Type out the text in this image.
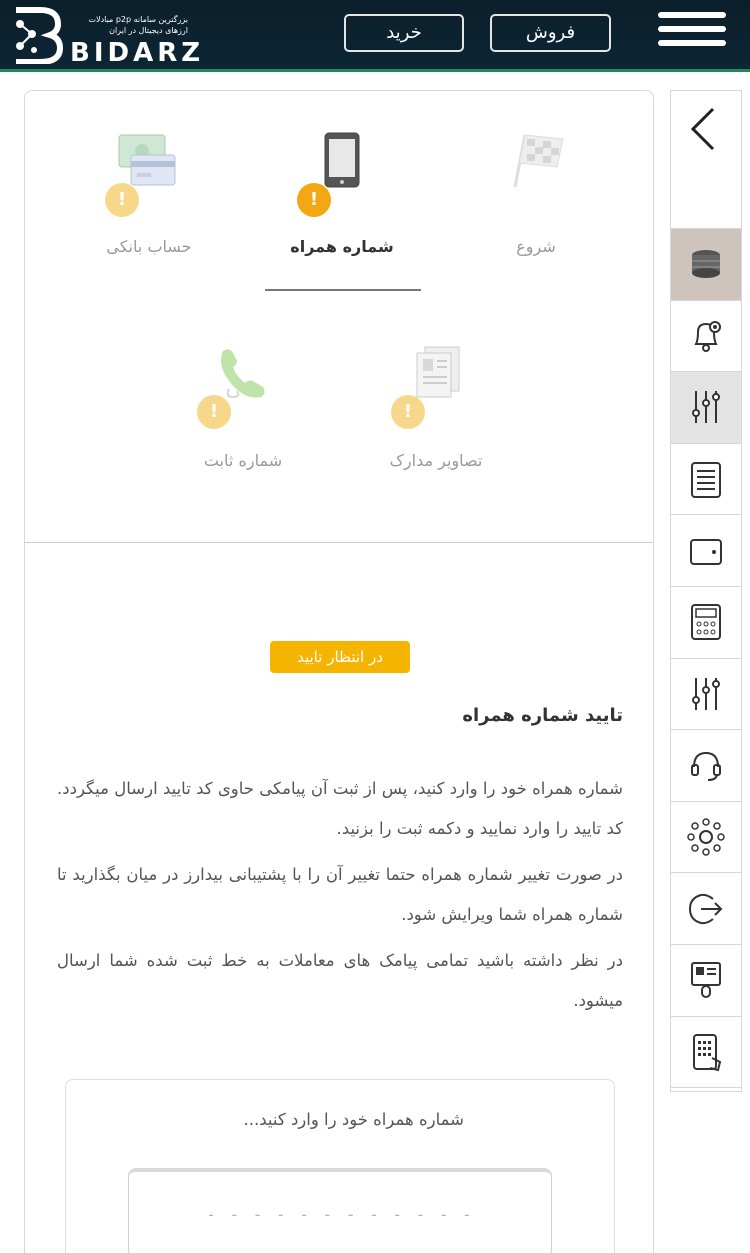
بزرگترین سامانه p2p مبادلات ارزهای دیجیتال در ایران
BIDARZ
خرید	فروش
!
حساب بانکی
!
شماره همراه	شروع
!
شماره ثابت
!
تصاویر مدارک
در انتظار تایید
تایید شماره همراه
شماره همراه خود را وارد کنید، پس از ثبت آن پیامکی حاوی کد تایید ارسال میگردد. کد تایید را وارد نمایید و دکمه ثبت را بزنید.
در صورت تغییر شماره همراه حتما تغییر آن را با پشتیبانی بیدارز در میان بگذارید تا شماره همراه شما ویرایش شود.
در نظر داشته باشید تمامی پیامک های معاملات به خط ثبت شده شما ارسال میشود.
شماره همراه خود را وارد کنید...
- - - - - - - - - - - -
